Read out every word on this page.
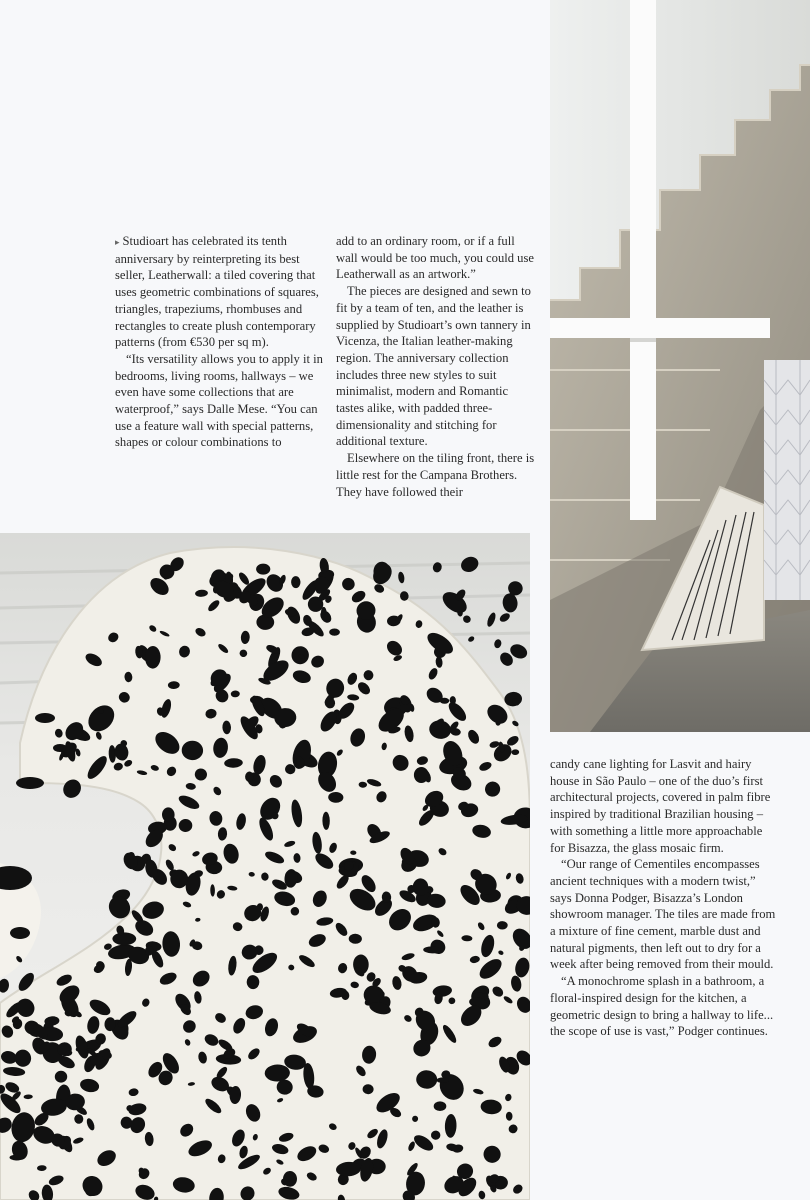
▸ Studioart has celebrated its tenth anniversary by reinterpreting its best seller, Leatherwall: a tiled covering that uses geometric combinations of squares, triangles, trapeziums, rhombuses and rectangles to create plush contemporary patterns (from €530 per sq m).

“Its versatility allows you to apply it in bedrooms, living rooms, hallways – we even have some collections that are waterproof,” says Dalle Mese. “You can use a feature wall with special patterns, shapes or colour combinations to

add to an ordinary room, or if a full wall would be too much, you could use Leatherwall as an artwork.”

The pieces are designed and sewn to fit by a team of ten, and the leather is supplied by Studioart’s own tannery in Vicenza, the Italian leather-making region. The anniversary collection includes three new styles to suit minimalist, modern and Romantic tastes alike, with padded three-dimensionality and stitching for additional texture.

Elsewhere on the tiling front, there is little rest for the Campana Brothers. They have followed their

candy cane lighting for Lasvit and hairy house in São Paulo – one of the duo’s first architectural projects, covered in palm fibre inspired by traditional Brazilian housing – with something a little more approachable for Bisazza, the glass mosaic firm.

“Our range of Cementiles encompasses ancient techniques with a modern twist,” says Donna Podger, Bisazza’s London showroom manager. The tiles are made from a mixture of fine cement, marble dust and natural pigments, then left out to dry for a week after being removed from their mould.

“A monochrome splash in a bathroom, a floral-inspired design for the kitchen, a geometric design to bring a hallway to life... the scope of use is vast,” Podger continues.
